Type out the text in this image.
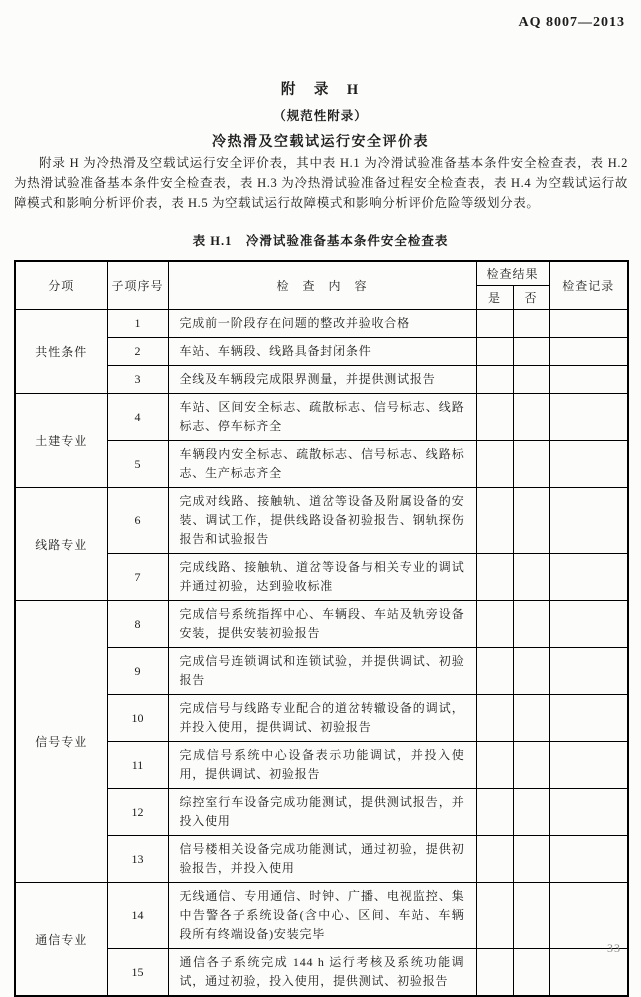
AQ 8007—2013
附　录　H
（规范性附录）
冷热滑及空载试运行安全评价表

附录 H 为冷热滑及空载试运行安全评价表，其中表 H.1 为冷滑试验准备基本条件安全检查表，表 H.2 为热滑试验准备基本条件安全检查表，表 H.3 为冷热滑试验准备过程安全检查表，表 H.4 为空载试运行故障模式和影响分析评价表，表 H.5 为空载试运行故障模式和影响分析评价危险等级划分表。

表 H.1　冷滑试验准备基本条件安全检查表
分项	子项序号	检　查　内　容	检查结果		检查记录
			是	否	
共性条件	1	完成前一阶段存在问题的整改并验收合格			
	2	车站、车辆段、线路具备封闭条件			
	3	全线及车辆段完成限界测量，并提供测试报告			
土建专业	4	车站、区间安全标志、疏散标志、信号标志、线路标志、停车标齐全			
	5	车辆段内安全标志、疏散标志、信号标志、线路标志、生产标志齐全			
线路专业	6	完成对线路、接触轨、道岔等设备及附属设备的安装、调试工作，提供线路设备初验报告、钢轨探伤报告和试验报告			
	7	完成线路、接触轨、道岔等设备与相关专业的调试并通过初验，达到验收标准			
信号专业	8	完成信号系统指挥中心、车辆段、车站及轨旁设备安装，提供安装初验报告			
	9	完成信号连锁调试和连锁试验，并提供调试、初验报告			
	10	完成信号与线路专业配合的道岔转辙设备的调试，并投入使用，提供调试、初验报告			
	11	完成信号系统中心设备表示功能调试，并投入使用，提供调试、初验报告			
	12	综控室行车设备完成功能测试，提供测试报告，并投入使用			
	13	信号楼相关设备完成功能测试，通过初验，提供初验报告，并投入使用			
通信专业	14	无线通信、专用通信、时钟、广播、电视监控、集中告警各子系统设备(含中心、区间、车站、车辆段所有终端设备)安装完毕			
	15	通信各子系统完成 144 h 运行考核及系统功能调试，通过初验，投入使用，提供测试、初验报告			
33
